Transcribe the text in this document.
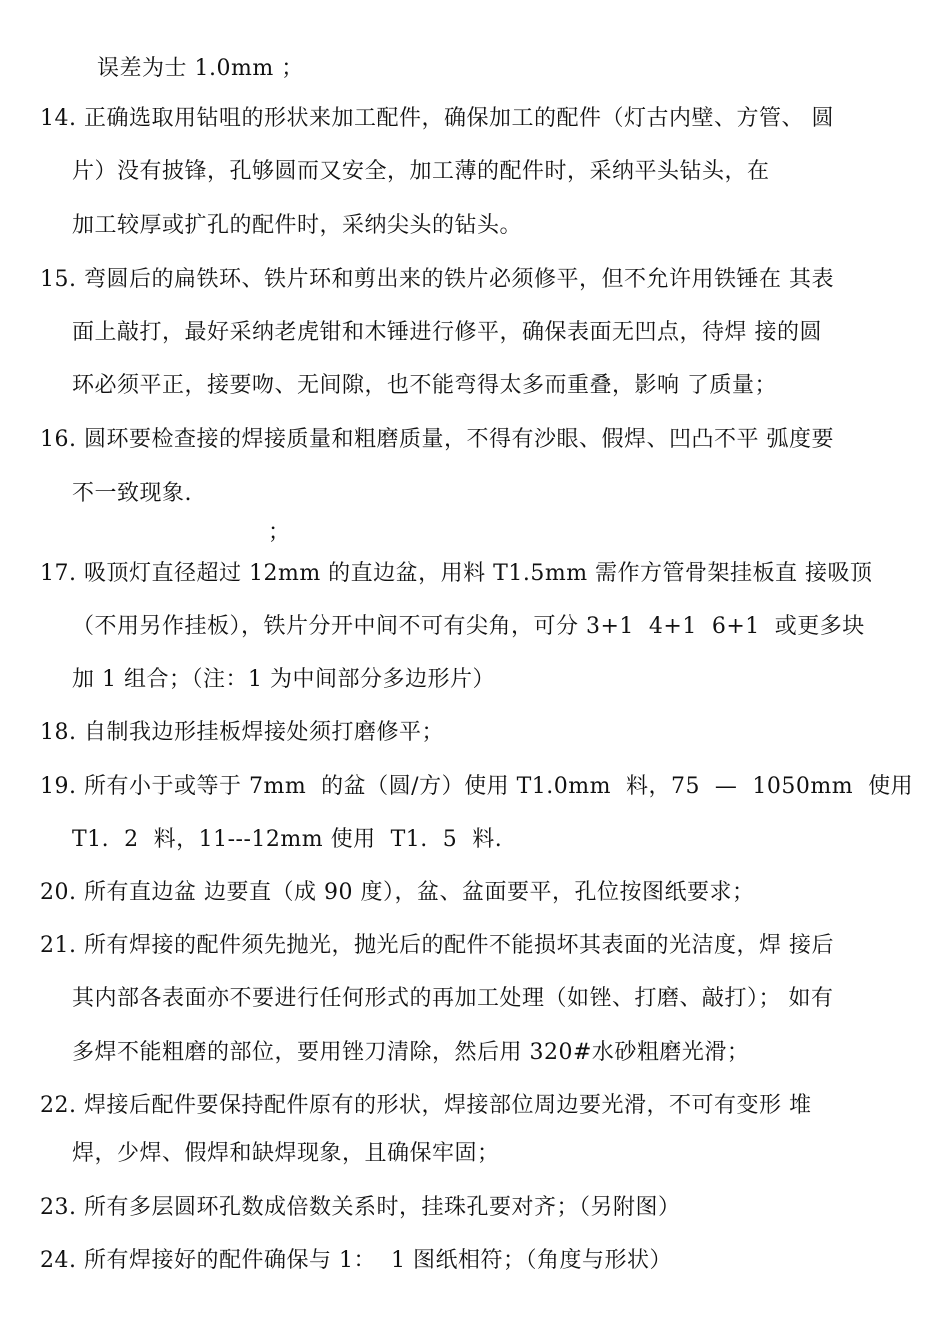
误差为士 1.0mm ；
14. 正确选取用钻咀的形状来加工配件，确保加工的配件（灯古内壁、方管、 圆
片）没有披锋，孔够圆而又安全，加工薄的配件时，采纳平头钻头，在
加工较厚或扩孔的配件时，采纳尖头的钻头。
15. 弯圆后的扁铁环、铁片环和剪出来的铁片必须修平，但不允许用铁锤在 其表
面上敲打，最好采纳老虎钳和木锤进行修平，确保表面无凹点，待焊 接的圆
环必须平正，接要吻、无间隙，也不能弯得太多而重叠，影响 了质量；
16. 圆环要检查接的焊接质量和粗磨质量，不得有沙眼、假焊、凹凸不平 弧度要
不一致现象.
；
17. 吸顶灯直径超过 12mm 的直边盆，用料 T1.5mm 需作方管骨架挂板直 接吸顶
（不用另作挂板），铁片分开中间不可有尖角，可分 3+1  4+1  6+1  或更多块
加 1 组合；（注：1 为中间部分多边形片）
18. 自制我边形挂板焊接处须打磨修平；
19. 所有小于或等于 7mm  的盆（圆/方）使用 T1.0mm  料，75  —  1050mm  使用
T1.  2  料，11---12mm 使用  T1.  5  料.
20. 所有直边盆 边要直（成 90 度），盆、盆面要平，孔位按图纸要求；
21. 所有焊接的配件须先抛光，抛光后的配件不能损坏其表面的光洁度，焊 接后
其内部各表面亦不要进行任何形式的再加工处理（如锉、打磨、敲打）； 如有
多焊不能粗磨的部位，要用锉刀清除，然后用 320#水砂粗磨光滑；
22. 焊接后配件要保持配件原有的形状，焊接部位周边要光滑，不可有变形 堆
焊，少焊、假焊和缺焊现象，且确保牢固；
23. 所有多层圆环孔数成倍数关系时，挂珠孔要对齐；（另附图）
24. 所有焊接好的配件确保与 1：  1 图纸相符；（角度与形状）
